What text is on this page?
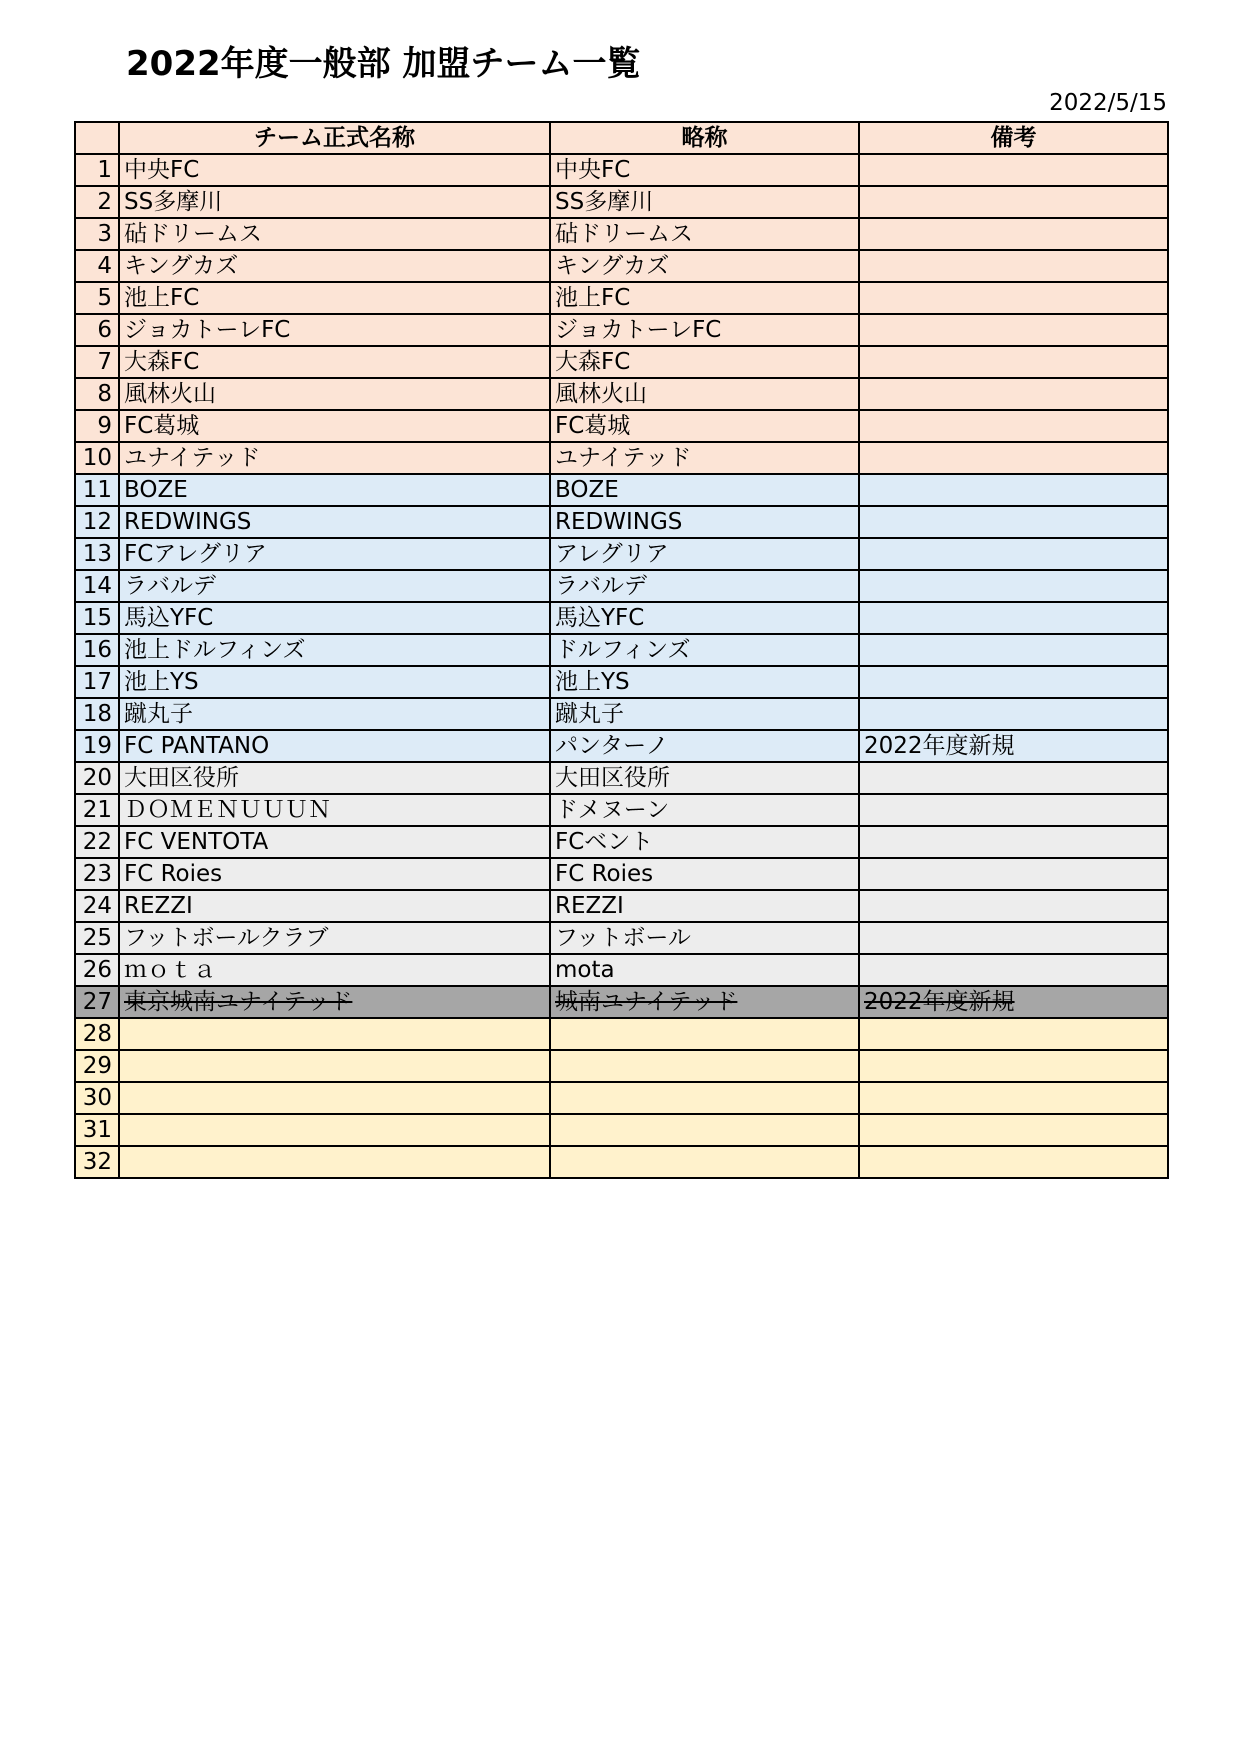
2022年度一般部 加盟チーム一覧
2022/5/15
	チーム正式名称	略称	備考
1	中央FC	中央FC	
2	SS多摩川	SS多摩川	
3	砧ドリームス	砧ドリームス	
4	キングカズ	キングカズ	
5	池上FC	池上FC	
6	ジョカトーレFC	ジョカトーレFC	
7	大森FC	大森FC	
8	風林火山	風林火山	
9	FC葛城	FC葛城	
10	ユナイテッド	ユナイテッド	
11	BOZE	BOZE	
12	REDWINGS	REDWINGS	
13	FCアレグリア	アレグリア	
14	ラバルデ	ラバルデ	
15	馬込YFC	馬込YFC	
16	池上ドルフィンズ	ドルフィンズ	
17	池上YS	池上YS	
18	蹴丸子	蹴丸子	
19	FC PANTANO	パンターノ	2022年度新規
20	大田区役所	大田区役所	
21	ＤＯＭＥＮＵＵＵＮ	ドメヌーン	
22	FC VENTOTA	FCベント	
23	FC Roies	FC Roies	
24	REZZI	REZZI	
25	フットボールクラブ	フットボール	
26	ｍｏｔａ	mota	
27	東京城南ユナイテッド	城南ユナイテッド	2022年度新規
28			
29			
30			
31			
32			
